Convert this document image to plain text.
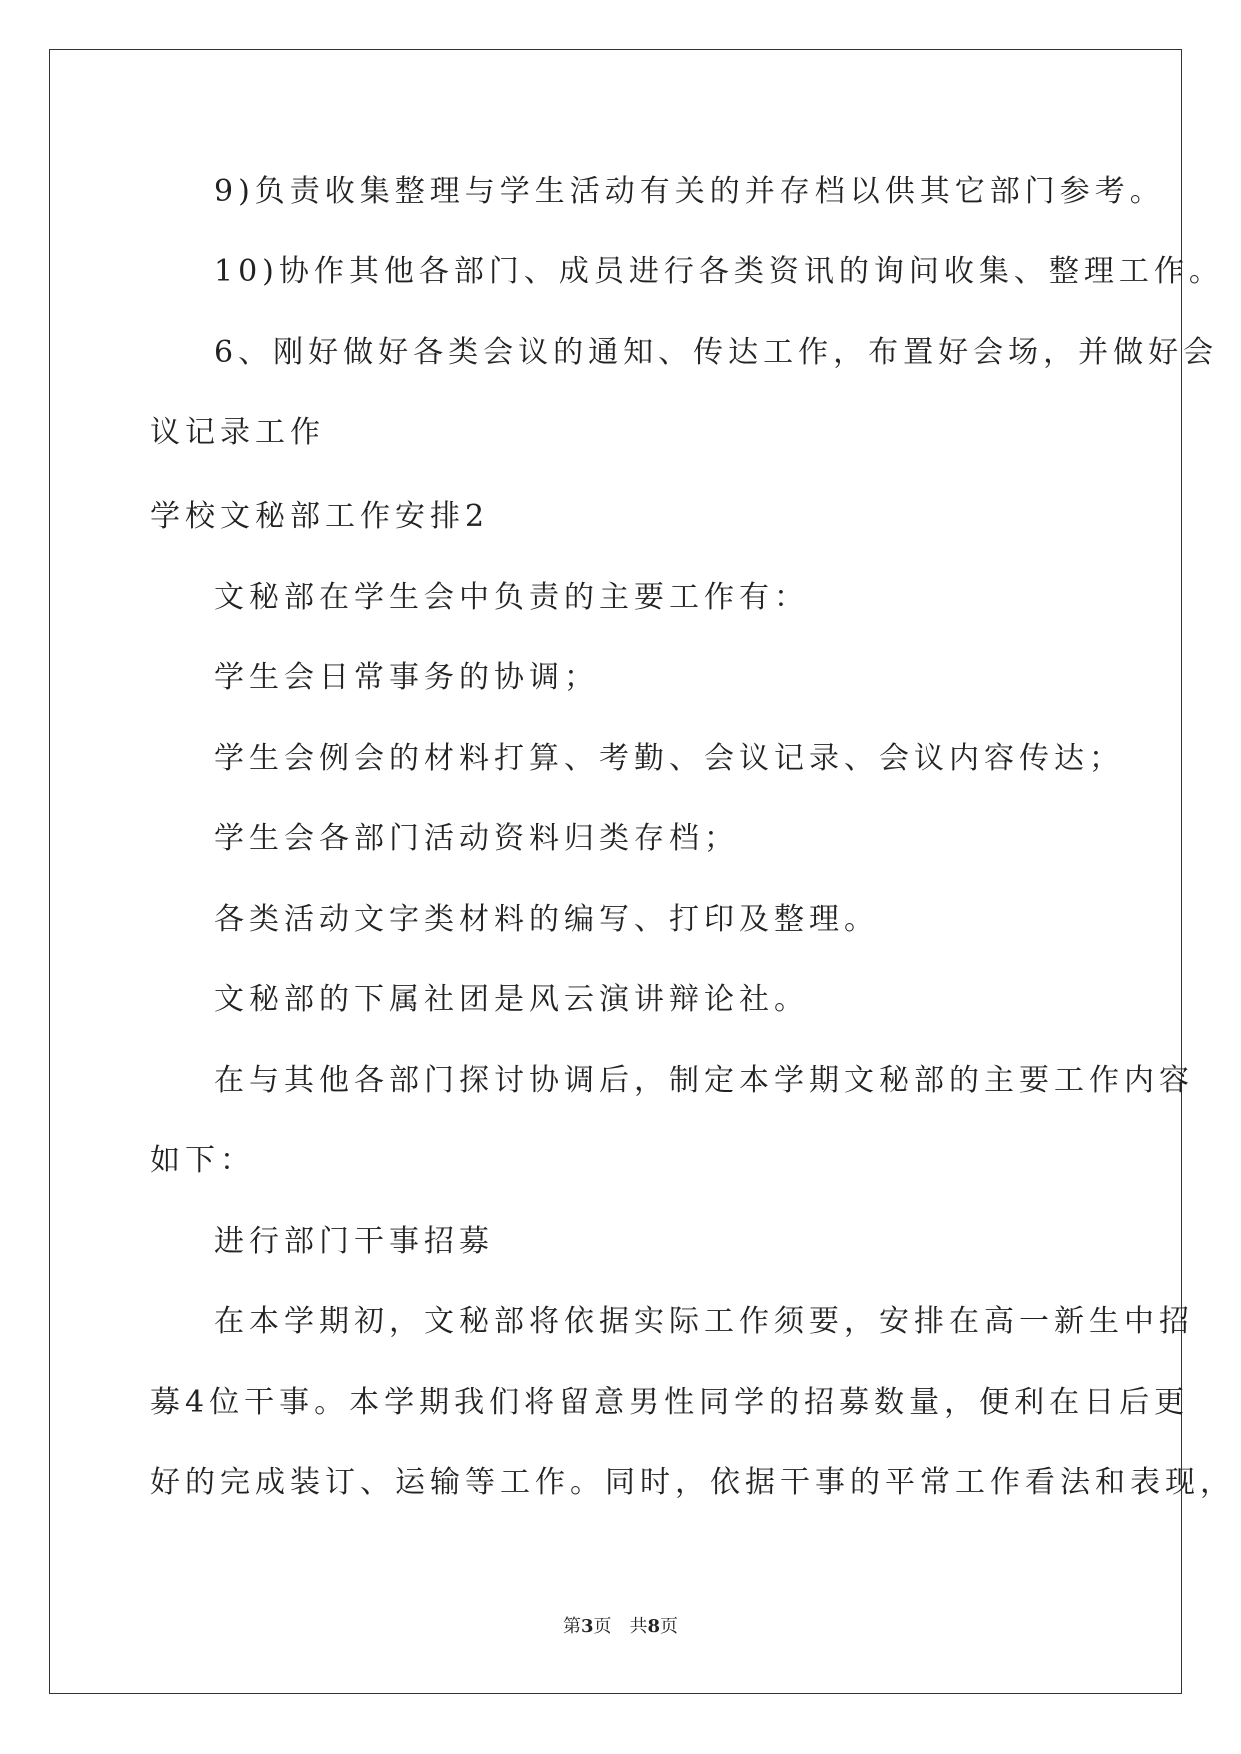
9)负责收集整理与学生活动有关的并存档以供其它部门参考。
10)协作其他各部门、成员进行各类资讯的询问收集、整理工作。
6、刚好做好各类会议的通知、传达工作，布置好会场，并做好会
议记录工作
学校文秘部工作安排2
文秘部在学生会中负责的主要工作有：
学生会日常事务的协调；
学生会例会的材料打算、考勤、会议记录、会议内容传达；
学生会各部门活动资料归类存档；
各类活动文字类材料的编写、打印及整理。
文秘部的下属社团是风云演讲辩论社。
在与其他各部门探讨协调后，制定本学期文秘部的主要工作内容
如下：
进行部门干事招募
在本学期初，文秘部将依据实际工作须要，安排在高一新生中招
募4位干事。本学期我们将留意男性同学的招募数量，便利在日后更
好的完成装订、运输等工作。同时，依据干事的平常工作看法和表现，
第3页 共8页
